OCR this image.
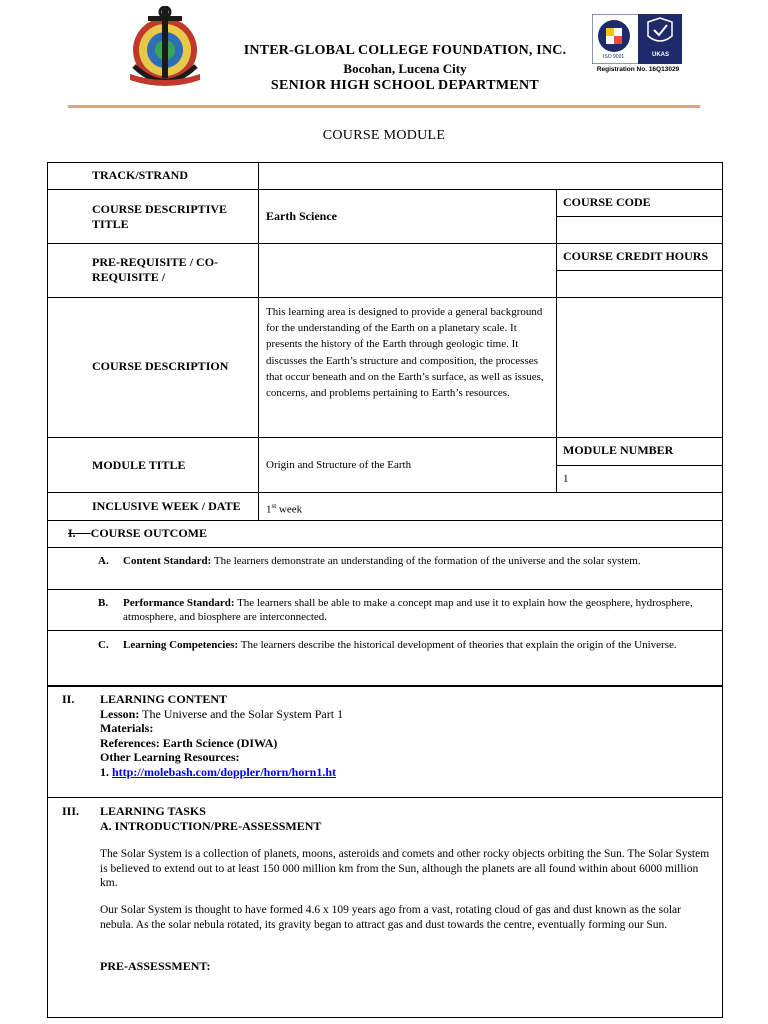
UKAS
ISO 9001
Registration No. 16Q13029
INTER-GLOBAL COLLEGE FOUNDATION, INC.
Bocohan, Lucena City
SENIOR HIGH SCHOOL DEPARTMENT
COURSE MODULE
TRACK/STRAND
COURSE DESCRIPTIVE TITLE
Earth Science
COURSE CODE
PRE-REQUISITE / CO-REQUISITE /
COURSE CREDIT HOURS
COURSE DESCRIPTION
This learning area is designed to provide a general background for the understanding of the Earth on a planetary scale. It presents the history of the Earth through geologic time. It discusses the Earth’s structure and composition, the processes that occur beneath and on the Earth’s surface, as well as issues, concerns, and problems pertaining to Earth’s resources.
MODULE TITLE	Origin and Structure of the Earth
MODULE NUMBER
1
INCLUSIVE WEEK / DATE 1st week
I. COURSE OUTCOME
A. Content Standard: The learners demonstrate an understanding of the formation of the universe and the solar system.
B. Performance Standard: The learners shall be able to make a concept map and use it to explain how the geosphere, hydrosphere, atmosphere, and biosphere are interconnected.
C. Learning Competencies: The learners describe the historical development of theories that explain the origin of the Universe.
II. LEARNING CONTENT
Lesson: The Universe and the Solar System Part 1
Materials:
References: Earth Science (DIWA)
Other Learning Resources:
1. http://molebash.com/doppler/horn/horn1.ht
III. LEARNING TASKS
A. INTRODUCTION/PRE-ASSESSMENT
The Solar System is a collection of planets, moons, asteroids and comets and other rocky objects orbiting the Sun. The Solar System is believed to extend out to at least 150 000 million km from the Sun, although the planets are all found within about 6000 million km.
Our Solar System is thought to have formed 4.6 x 109 years ago from a vast, rotating cloud of gas and dust known as the solar nebula. As the solar nebula rotated, its gravity began to attract gas and dust towards the centre, eventually forming our Sun.
PRE-ASSESSMENT:
